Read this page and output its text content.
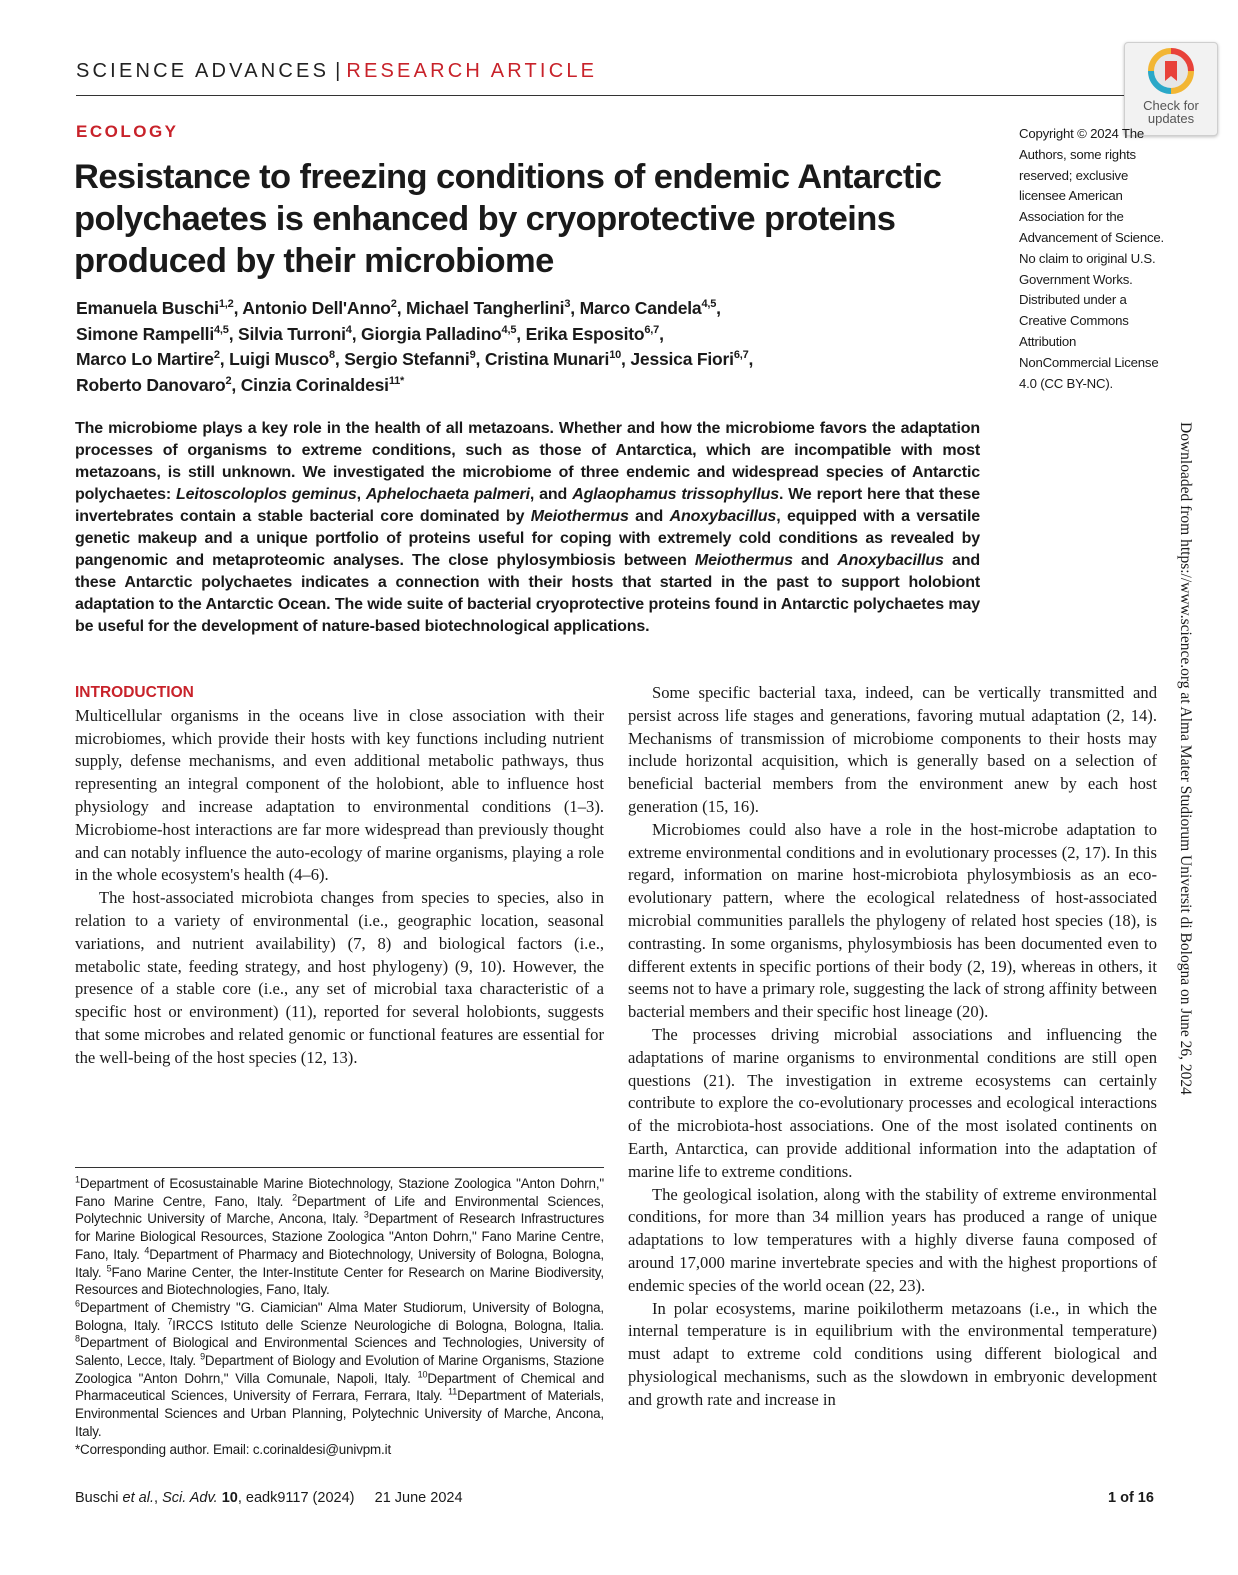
SCIENCE ADVANCES | RESEARCH ARTICLE
Check for
updates
ECOLOGY
Resistance to freezing conditions of endemic Antarctic polychaetes is enhanced by cryoprotective proteins produced by their microbiome
Emanuela Buschi$^{1,2}$, Antonio Dell'Anno$^2$, Michael Tangherlini$^3$, Marco Candela$^{4,5}$,
Simone Rampelli$^{4,5}$, Silvia Turroni$^4$, Giorgia Palladino$^{4,5}$, Erika Esposito$^{6,7}$,
Marco Lo Martire$^2$, Luigi Musco$^8$, Sergio Stefanni$^9$, Cristina Munari$^{10}$, Jessica Fiori$^{6,7}$,
Roberto Danovaro$^2$, Cinzia Corinaldesi$^{11*}$
Copyright © 2024 The Authors, some rights reserved; exclusive licensee American Association for the Advancement of Science. No claim to original U.S. Government Works. Distributed under a Creative Commons Attribution NonCommercial License 4.0 (CC BY-NC).
Downloaded from https://www.science.org at Alma Mater Studiorum Universit di Bologna on June 26, 2024

The microbiome plays a key role in the health of all metazoans. Whether and how the microbiome favors the adaptation processes of organisms to extreme conditions, such as those of Antarctica, which are incompatible with most metazoans, is still unknown. We investigated the microbiome of three endemic and widespread species of Antarctic polychaetes: Leitoscoloplos geminus, Aphelochaeta palmeri, and Aglaophamus trissophyllus. We report here that these invertebrates contain a stable bacterial core dominated by Meiothermus and Anoxybacillus, equipped with a versatile genetic makeup and a unique portfolio of proteins useful for coping with extremely cold conditions as revealed by pangenomic and metaproteomic analyses. The close phylosymbiosis between Meiothermus and Anoxybacillus and these Antarctic polychaetes indicates a connection with their hosts that started in the past to support holobiont adaptation to the Antarctic Ocean. The wide suite of bacterial cryoprotective proteins found in Antarctic polychaetes may be useful for the development of nature-based biotechnological applications.

INTRODUCTION

Multicellular organisms in the oceans live in close association with their microbiomes, which provide their hosts with key functions including nutrient supply, defense mechanisms, and even additional metabolic pathways, thus representing an integral component of the holobiont, able to influence host physiology and increase adaptation to environmental conditions (1–3). Microbiome-host interactions are far more widespread than previously thought and can notably influence the auto-ecology of marine organisms, playing a role in the whole ecosystem's health (4–6).

The host-associated microbiota changes from species to species, also in relation to a variety of environmental (i.e., geographic location, seasonal variations, and nutrient availability) (7, 8) and biological factors (i.e., metabolic state, feeding strategy, and host phylogeny) (9, 10). However, the presence of a stable core (i.e., any set of microbial taxa characteristic of a specific host or environment) (11), reported for several holobionts, suggests that some microbes and related genomic or functional features are essential for the well-being of the host species (12, 13).

Some specific bacterial taxa, indeed, can be vertically transmitted and persist across life stages and generations, favoring mutual adaptation (2, 14). Mechanisms of transmission of microbiome components to their hosts may include horizontal acquisition, which is generally based on a selection of beneficial bacterial members from the environment anew by each host generation (15, 16).

Microbiomes could also have a role in the host-microbe adaptation to extreme environmental conditions and in evolutionary processes (2, 17). In this regard, information on marine host-microbiota phylosymbiosis as an eco-evolutionary pattern, where the ecological relatedness of host-associated microbial communities parallels the phylogeny of related host species (18), is contrasting. In some organisms, phylosymbiosis has been documented even to different extents in specific portions of their body (2, 19), whereas in others, it seems not to have a primary role, suggesting the lack of strong affinity between bacterial members and their specific host lineage (20).

The processes driving microbial associations and influencing the adaptations of marine organisms to environmental conditions are still open questions (21). The investigation in extreme ecosystems can certainly contribute to explore the co-evolutionary processes and ecological interactions of the microbiota-host associations. One of the most isolated continents on Earth, Antarctica, can provide additional information into the adaptation of marine life to extreme conditions.

The geological isolation, along with the stability of extreme environmental conditions, for more than 34 million years has produced a range of unique adaptations to low temperatures with a highly diverse fauna composed of around 17,000 marine invertebrate species and with the highest proportions of endemic species of the world ocean (22, 23).

In polar ecosystems, marine poikilotherm metazoans (i.e., in which the internal temperature is in equilibrium with the environmental temperature) must adapt to extreme cold conditions using different biological and physiological mechanisms, such as the slowdown in embryonic development and growth rate and increase in

$^1$Department of Ecosustainable Marine Biotechnology, Stazione Zoologica "Anton Dohrn," Fano Marine Centre, Fano, Italy. $^2$Department of Life and Environmental Sciences, Polytechnic University of Marche, Ancona, Italy. $^3$Department of Research Infrastructures for Marine Biological Resources, Stazione Zoologica "Anton Dohrn," Fano Marine Centre, Fano, Italy. $^4$Department of Pharmacy and Biotechnology, University of Bologna, Bologna, Italy. $^5$Fano Marine Center, the Inter-Institute Center for Research on Marine Biodiversity, Resources and Biotechnologies, Fano, Italy.
$^6$Department of Chemistry "G. Ciamician" Alma Mater Studiorum, University of Bologna, Bologna, Italy. $^7$IRCCS Istituto delle Scienze Neurologiche di Bologna, Bologna, Italia. $^8$Department of Biological and Environmental Sciences and Technologies, University of Salento, Lecce, Italy. $^9$Department of Biology and Evolution of Marine Organisms, Stazione Zoologica "Anton Dohrn," Villa Comunale, Napoli, Italy. $^{10}$Department of Chemical and Pharmaceutical Sciences, University of Ferrara, Ferrara, Italy. $^{11}$Department of Materials, Environmental Sciences and Urban Planning, Polytechnic University of Marche, Ancona, Italy.
*Corresponding author. Email: c.corinaldesi@univpm.it

Buschi et al., Sci. Adv. 10, eadk9117 (2024) 21 June 2024	1 of 16
